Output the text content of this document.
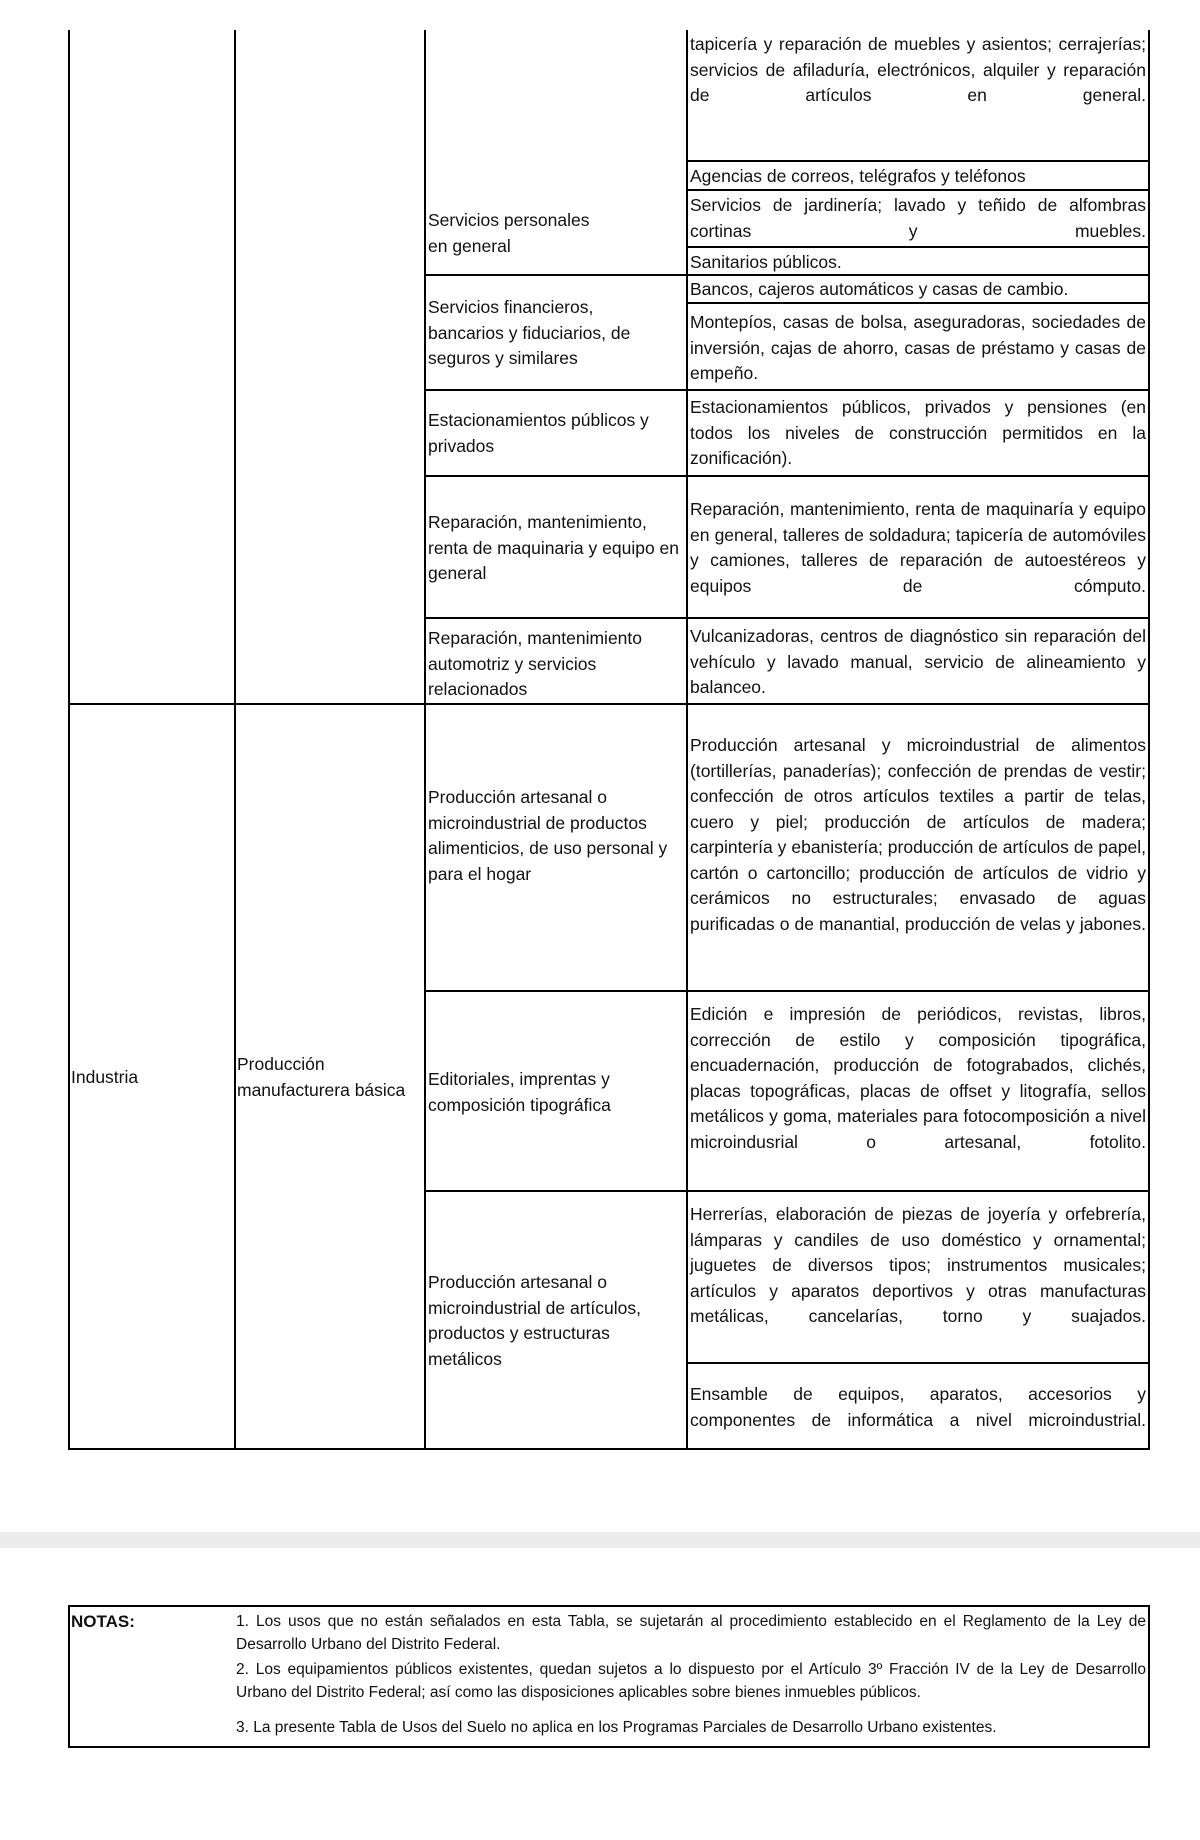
Industria
Producción manufacturera básica
Servicios personales en general
Servicios financieros, bancarios y fiduciarios, de seguros y similares
Estacionamientos públicos y privados
Reparación, mantenimiento, renta de maquinaria y equipo en general
Reparación, mantenimiento automotriz y servicios relacionados
Producción artesanal o microindustrial de productos alimenticios, de uso personal y para el hogar
Editoriales, imprentas y composición tipográfica
Producción artesanal o microindustrial de artículos, productos y estructuras metálicos
tapicería y reparación de muebles y asientos; cerrajerías; servicios de afiladuría, electrónicos, alquiler y reparación de artículos en general.
Agencias de correos, telégrafos y teléfonos
Servicios de jardinería; lavado y teñido de alfombras cortinas y muebles.
Sanitarios públicos.
Bancos, cajeros automáticos y casas de cambio.
Montepíos, casas de bolsa, aseguradoras, sociedades de inversión, cajas de ahorro, casas de préstamo y casas de empeño.
Estacionamientos públicos, privados y pensiones (en todos los niveles de construcción permitidos en la zonificación).
Reparación, mantenimiento, renta de maquinaría y equipo en general, talleres de soldadura; tapicería de automóviles y camiones, talleres de reparación de autoestéreos y equipos de cómputo.
Vulcanizadoras, centros de diagnóstico sin reparación del vehículo y lavado manual, servicio de alineamiento y balanceo.
Producción artesanal y microindustrial de alimentos (tortillerías, panaderías); confección de prendas de vestir; confección de otros artículos textiles a partir de telas, cuero y piel; producción de artículos de madera; carpintería y ebanistería; producción de artículos de papel, cartón o cartoncillo; producción de artículos de vidrio y cerámicos no estructurales; envasado de aguas purificadas o de manantial, producción de velas y jabones.
Edición e impresión de periódicos, revistas, libros, corrección de estilo y composición tipográfica, encuadernación, producción de fotograbados, clichés, placas topográficas, placas de offset y litografía, sellos metálicos y goma, materiales para fotocomposición a nivel microindusrial o artesanal, fotolito.
Herrerías, elaboración de piezas de joyería y orfebrería, lámparas y candiles de uso doméstico y ornamental; juguetes de diversos tipos; instrumentos musicales; artículos y aparatos deportivos y otras manufacturas metálicas, cancelarías, torno y suajados.
Ensamble de equipos, aparatos, accesorios y componentes de informática a nivel microindustrial.
NOTAS:	1. Los usos que no están señalados en esta Tabla, se sujetarán al procedimiento establecido en el Reglamento de la Ley de Desarrollo Urbano del Distrito Federal.
2. Los equipamientos públicos existentes, quedan sujetos a lo dispuesto por el Artículo 3º Fracción IV de la Ley de Desarrollo Urbano del Distrito Federal; así como las disposiciones aplicables sobre bienes inmuebles públicos.
3. La presente Tabla de Usos del Suelo no aplica en los Programas Parciales de Desarrollo Urbano existentes.
